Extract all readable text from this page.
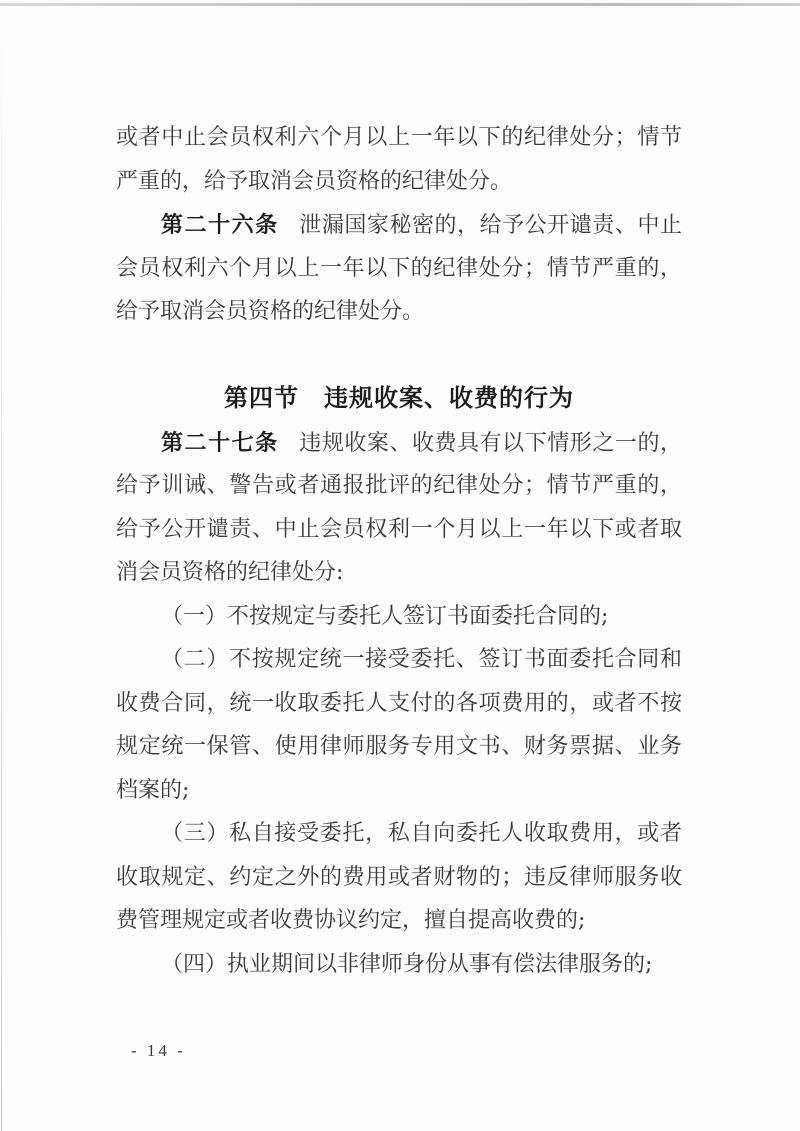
或者中止会员权利六个月以上一年以下的纪律处分；情节
严重的，给予取消会员资格的纪律处分。
第二十六条 泄漏国家秘密的，给予公开谴责、中止
会员权利六个月以上一年以下的纪律处分；情节严重的，
给予取消会员资格的纪律处分。
第四节　违规收案、收费的行为
第二十七条 违规收案、收费具有以下情形之一的，
给予训诫、警告或者通报批评的纪律处分；情节严重的，
给予公开谴责、中止会员权利一个月以上一年以下或者取
消会员资格的纪律处分:
（一）不按规定与委托人签订书面委托合同的;
（二）不按规定统一接受委托、签订书面委托合同和
收费合同，统一收取委托人支付的各项费用的，或者不按
规定统一保管、使用律师服务专用文书、财务票据、业务
档案的;
（三）私自接受委托，私自向委托人收取费用，或者
收取规定、约定之外的费用或者财物的；违反律师服务收
费管理规定或者收费协议约定，擅自提高收费的;
（四）执业期间以非律师身份从事有偿法律服务的;
- 14 -
